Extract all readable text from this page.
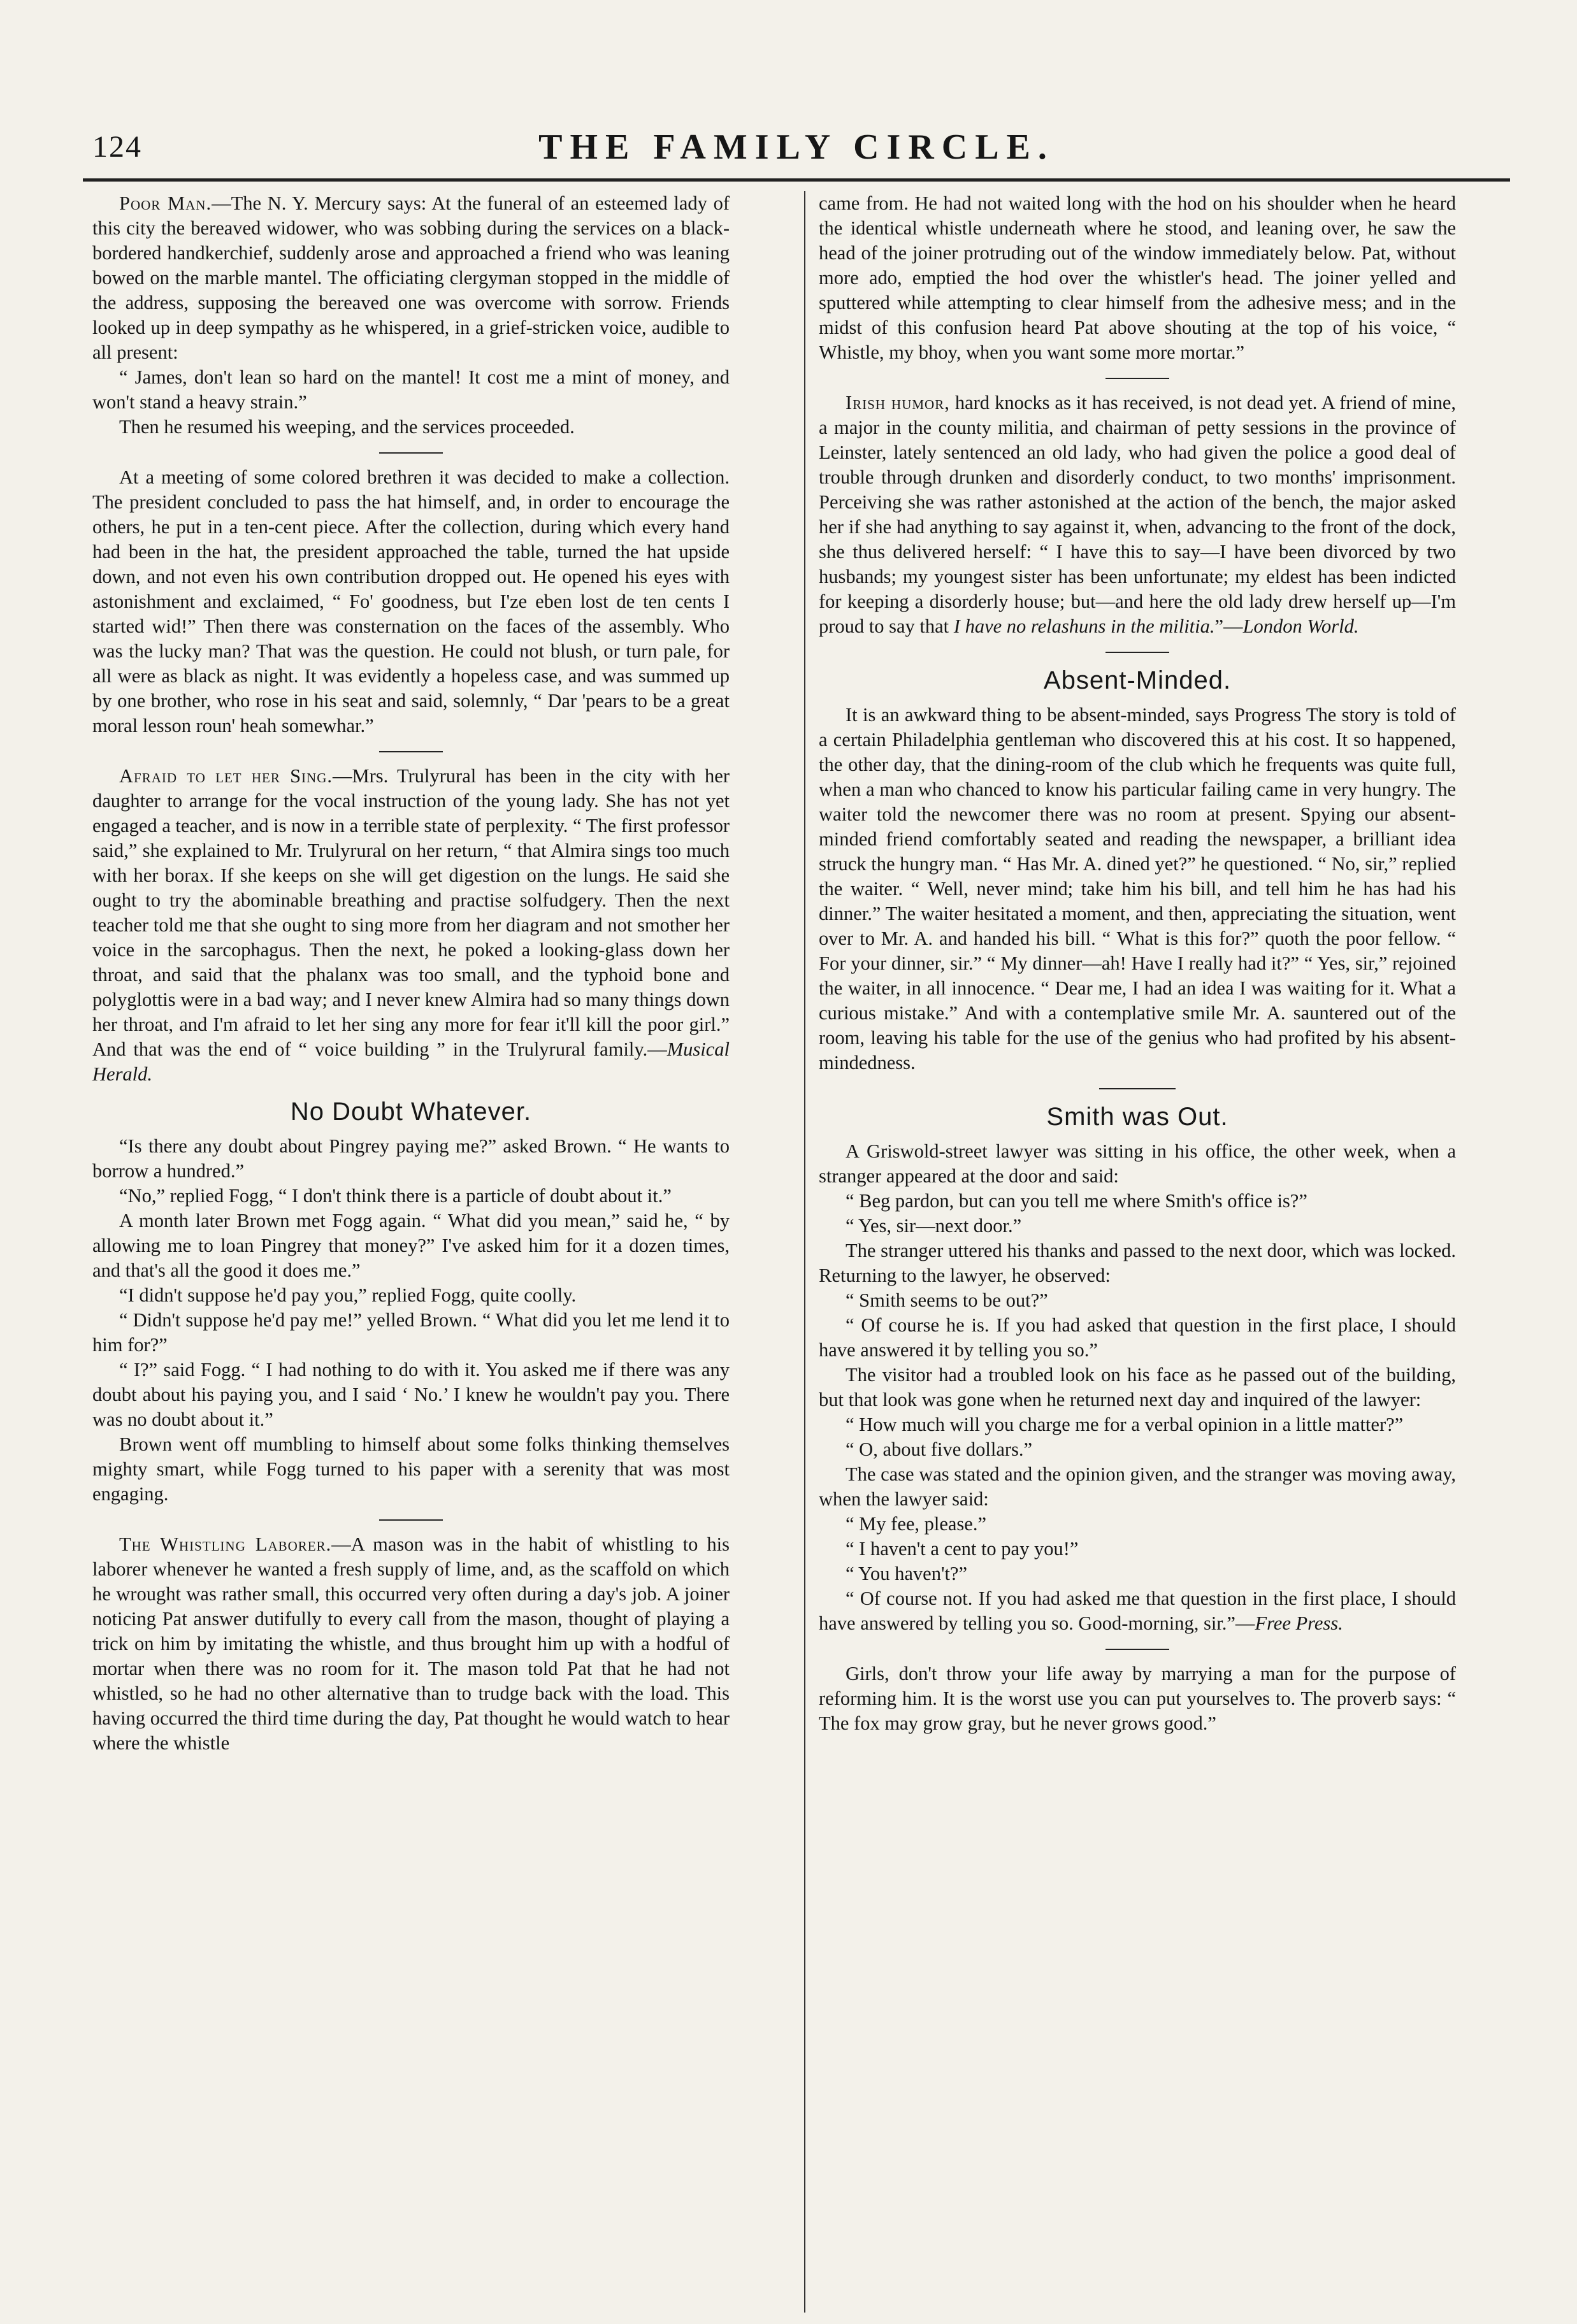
124	THE FAMILY CIRCLE.

Poor Man.—The N. Y. Mercury says: At the funeral of an esteemed lady of this city the bereaved widower, who was sobbing during the services on a black-bordered handkerchief, suddenly arose and approached a friend who was leaning bowed on the marble mantel. The officiating clergyman stopped in the middle of the address, supposing the bereaved one was overcome with sorrow. Friends looked up in deep sympathy as he whispered, in a grief-stricken voice, audible to all present:

“ James, don't lean so hard on the mantel! It cost me a mint of money, and won't stand a heavy strain.”

Then he resumed his weeping, and the services proceeded.

At a meeting of some colored brethren it was decided to make a collection. The president concluded to pass the hat himself, and, in order to encourage the others, he put in a ten-cent piece. After the collection, during which every hand had been in the hat, the president approached the table, turned the hat upside down, and not even his own contribution dropped out. He opened his eyes with astonishment and exclaimed, “ Fo' goodness, but I'ze eben lost de ten cents I started wid!” Then there was consternation on the faces of the assembly. Who was the lucky man? That was the question. He could not blush, or turn pale, for all were as black as night. It was evidently a hopeless case, and was summed up by one brother, who rose in his seat and said, solemnly, “ Dar 'pears to be a great moral lesson roun' heah somewhar.”

Afraid to let her Sing.—Mrs. Trulyrural has been in the city with her daughter to arrange for the vocal instruction of the young lady. She has not yet engaged a teacher, and is now in a terrible state of perplexity. “ The first professor said,” she explained to Mr. Trulyrural on her return, “ that Almira sings too much with her borax. If she keeps on she will get digestion on the lungs. He said she ought to try the abominable breathing and practise solfudgery. Then the next teacher told me that she ought to sing more from her diagram and not smother her voice in the sarcophagus. Then the next, he poked a looking-glass down her throat, and said that the phalanx was too small, and the typhoid bone and polyglottis were in a bad way; and I never knew Almira had so many things down her throat, and I'm afraid to let her sing any more for fear it'll kill the poor girl.” And that was the end of “ voice building ” in the Trulyrural family.—Musical Herald.

No Doubt Whatever.

“Is there any doubt about Pingrey paying me?” asked Brown. “ He wants to borrow a hundred.”

“No,” replied Fogg, “ I don't think there is a particle of doubt about it.”

A month later Brown met Fogg again. “ What did you mean,” said he, “ by allowing me to loan Pingrey that money?” I've asked him for it a dozen times, and that's all the good it does me.”

“I didn't suppose he'd pay you,” replied Fogg, quite coolly.

“ Didn't suppose he'd pay me!” yelled Brown. “ What did you let me lend it to him for?”

“ I?” said Fogg. “ I had nothing to do with it. You asked me if there was any doubt about his paying you, and I said ‘ No.’ I knew he wouldn't pay you. There was no doubt about it.”

Brown went off mumbling to himself about some folks thinking themselves mighty smart, while Fogg turned to his paper with a serenity that was most engaging.

The Whistling Laborer.—A mason was in the habit of whistling to his laborer whenever he wanted a fresh supply of lime, and, as the scaffold on which he wrought was rather small, this occurred very often during a day's job. A joiner noticing Pat answer dutifully to every call from the mason, thought of playing a trick on him by imitating the whistle, and thus brought him up with a hodful of mortar when there was no room for it. The mason told Pat that he had not whistled, so he had no other alternative than to trudge back with the load. This having occurred the third time during the day, Pat thought he would watch to hear where the whistle

came from. He had not waited long with the hod on his shoulder when he heard the identical whistle underneath where he stood, and leaning over, he saw the head of the joiner protruding out of the window immediately below. Pat, without more ado, emptied the hod over the whistler's head. The joiner yelled and sputtered while attempting to clear himself from the adhesive mess; and in the midst of this confusion heard Pat above shouting at the top of his voice, “ Whistle, my bhoy, when you want some more mortar.”

Irish humor, hard knocks as it has received, is not dead yet. A friend of mine, a major in the county militia, and chairman of petty sessions in the province of Leinster, lately sentenced an old lady, who had given the police a good deal of trouble through drunken and disorderly conduct, to two months' imprisonment. Perceiving she was rather astonished at the action of the bench, the major asked her if she had anything to say against it, when, advancing to the front of the dock, she thus delivered herself: “ I have this to say—I have been divorced by two husbands; my youngest sister has been unfortunate; my eldest has been indicted for keeping a disorderly house; but—and here the old lady drew herself up—I'm proud to say that I have no relashuns in the militia.”—London World.

Absent-Minded.

It is an awkward thing to be absent-minded, says Progress The story is told of a certain Philadelphia gentleman who discovered this at his cost. It so happened, the other day, that the dining-room of the club which he frequents was quite full, when a man who chanced to know his particular failing came in very hungry. The waiter told the newcomer there was no room at present. Spying our absent-minded friend comfortably seated and reading the newspaper, a brilliant idea struck the hungry man. “ Has Mr. A. dined yet?” he questioned. “ No, sir,” replied the waiter. “ Well, never mind; take him his bill, and tell him he has had his dinner.” The waiter hesitated a moment, and then, appreciating the situation, went over to Mr. A. and handed his bill. “ What is this for?” quoth the poor fellow. “ For your dinner, sir.” “ My dinner—ah! Have I really had it?” “ Yes, sir,” rejoined the waiter, in all innocence. “ Dear me, I had an idea I was waiting for it. What a curious mistake.” And with a contemplative smile Mr. A. sauntered out of the room, leaving his table for the use of the genius who had profited by his absent-mindedness.

Smith was Out.

A Griswold-street lawyer was sitting in his office, the other week, when a stranger appeared at the door and said:

“ Beg pardon, but can you tell me where Smith's office is?”

“ Yes, sir—next door.”

The stranger uttered his thanks and passed to the next door, which was locked. Returning to the lawyer, he observed:

“ Smith seems to be out?”

“ Of course he is. If you had asked that question in the first place, I should have answered it by telling you so.”

The visitor had a troubled look on his face as he passed out of the building, but that look was gone when he returned next day and inquired of the lawyer:

“ How much will you charge me for a verbal opinion in a little matter?”

“ O, about five dollars.”

The case was stated and the opinion given, and the stranger was moving away, when the lawyer said:

“ My fee, please.”

“ I haven't a cent to pay you!”

“ You haven't?”

“ Of course not. If you had asked me that question in the first place, I should have answered by telling you so. Good-morning, sir.”—Free Press.

Girls, don't throw your life away by marrying a man for the purpose of reforming him. It is the worst use you can put yourselves to. The proverb says: “ The fox may grow gray, but he never grows good.”
